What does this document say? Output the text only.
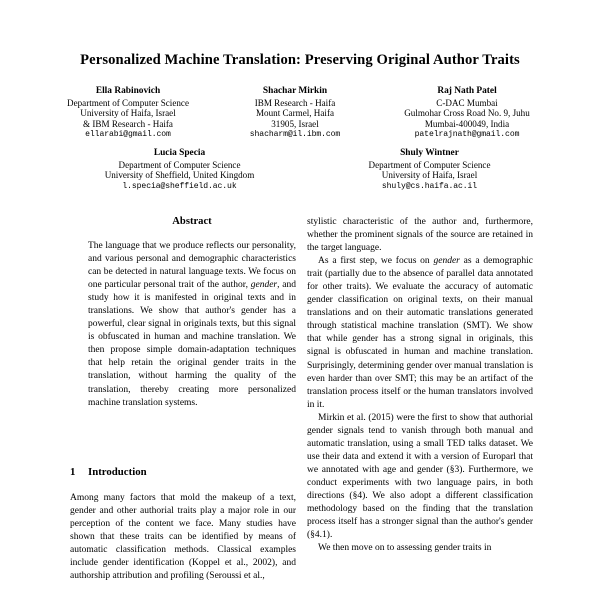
Personalized Machine Translation: Preserving Original Author Traits
Ella Rabinovich
Department of Computer Science
University of Haifa, Israel
& IBM Research - Haifa
ellarabi@gmail.com
Shachar Mirkin
IBM Research - Haifa
Mount Carmel, Haifa
31905, Israel
shacharm@il.ibm.com
Raj Nath Patel
C-DAC Mumbai
Gulmohar Cross Road No. 9, Juhu
Mumbai-400049, India
patelrajnath@gmail.com
Lucia Specia
Department of Computer Science
University of Sheffield, United Kingdom
l.specia@sheffield.ac.uk
Shuly Wintner
Department of Computer Science
University of Haifa, Israel
shuly@cs.haifa.ac.il
Abstract

The language that we produce reflects our personality, and various personal and demographic characteristics can be detected in natural language texts. We focus on one particular personal trait of the author, gender, and study how it is manifested in original texts and in translations. We show that author's gender has a powerful, clear signal in originals texts, but this signal is obfuscated in human and machine translation. We then propose simple domain-adaptation techniques that help retain the original gender traits in the translation, without harming the quality of the translation, thereby creating more personalized machine translation systems.

1 Introduction

Among many factors that mold the makeup of a text, gender and other authorial traits play a major role in our perception of the content we face. Many studies have shown that these traits can be identified by means of automatic classification methods. Classical examples include gender identification (Koppel et al., 2002), and authorship attribution and profiling (Seroussi et al.,

stylistic characteristic of the author and, furthermore, whether the prominent signals of the source are retained in the target language.

As a first step, we focus on gender as a demographic trait (partially due to the absence of parallel data annotated for other traits). We evaluate the accuracy of automatic gender classification on original texts, on their manual translations and on their automatic translations generated through statistical machine translation (SMT). We show that while gender has a strong signal in originals, this signal is obfuscated in human and machine translation. Surprisingly, determining gender over manual translation is even harder than over SMT; this may be an artifact of the translation process itself or the human translators involved in it.

Mirkin et al. (2015) were the first to show that authorial gender signals tend to vanish through both manual and automatic translation, using a small TED talks dataset. We use their data and extend it with a version of Europarl that we annotated with age and gender (§3). Furthermore, we conduct experiments with two language pairs, in both directions (§4). We also adopt a different classification methodology based on the finding that the translation process itself has a stronger signal than the author's gender (§4.1).

We then move on to assessing gender traits in
